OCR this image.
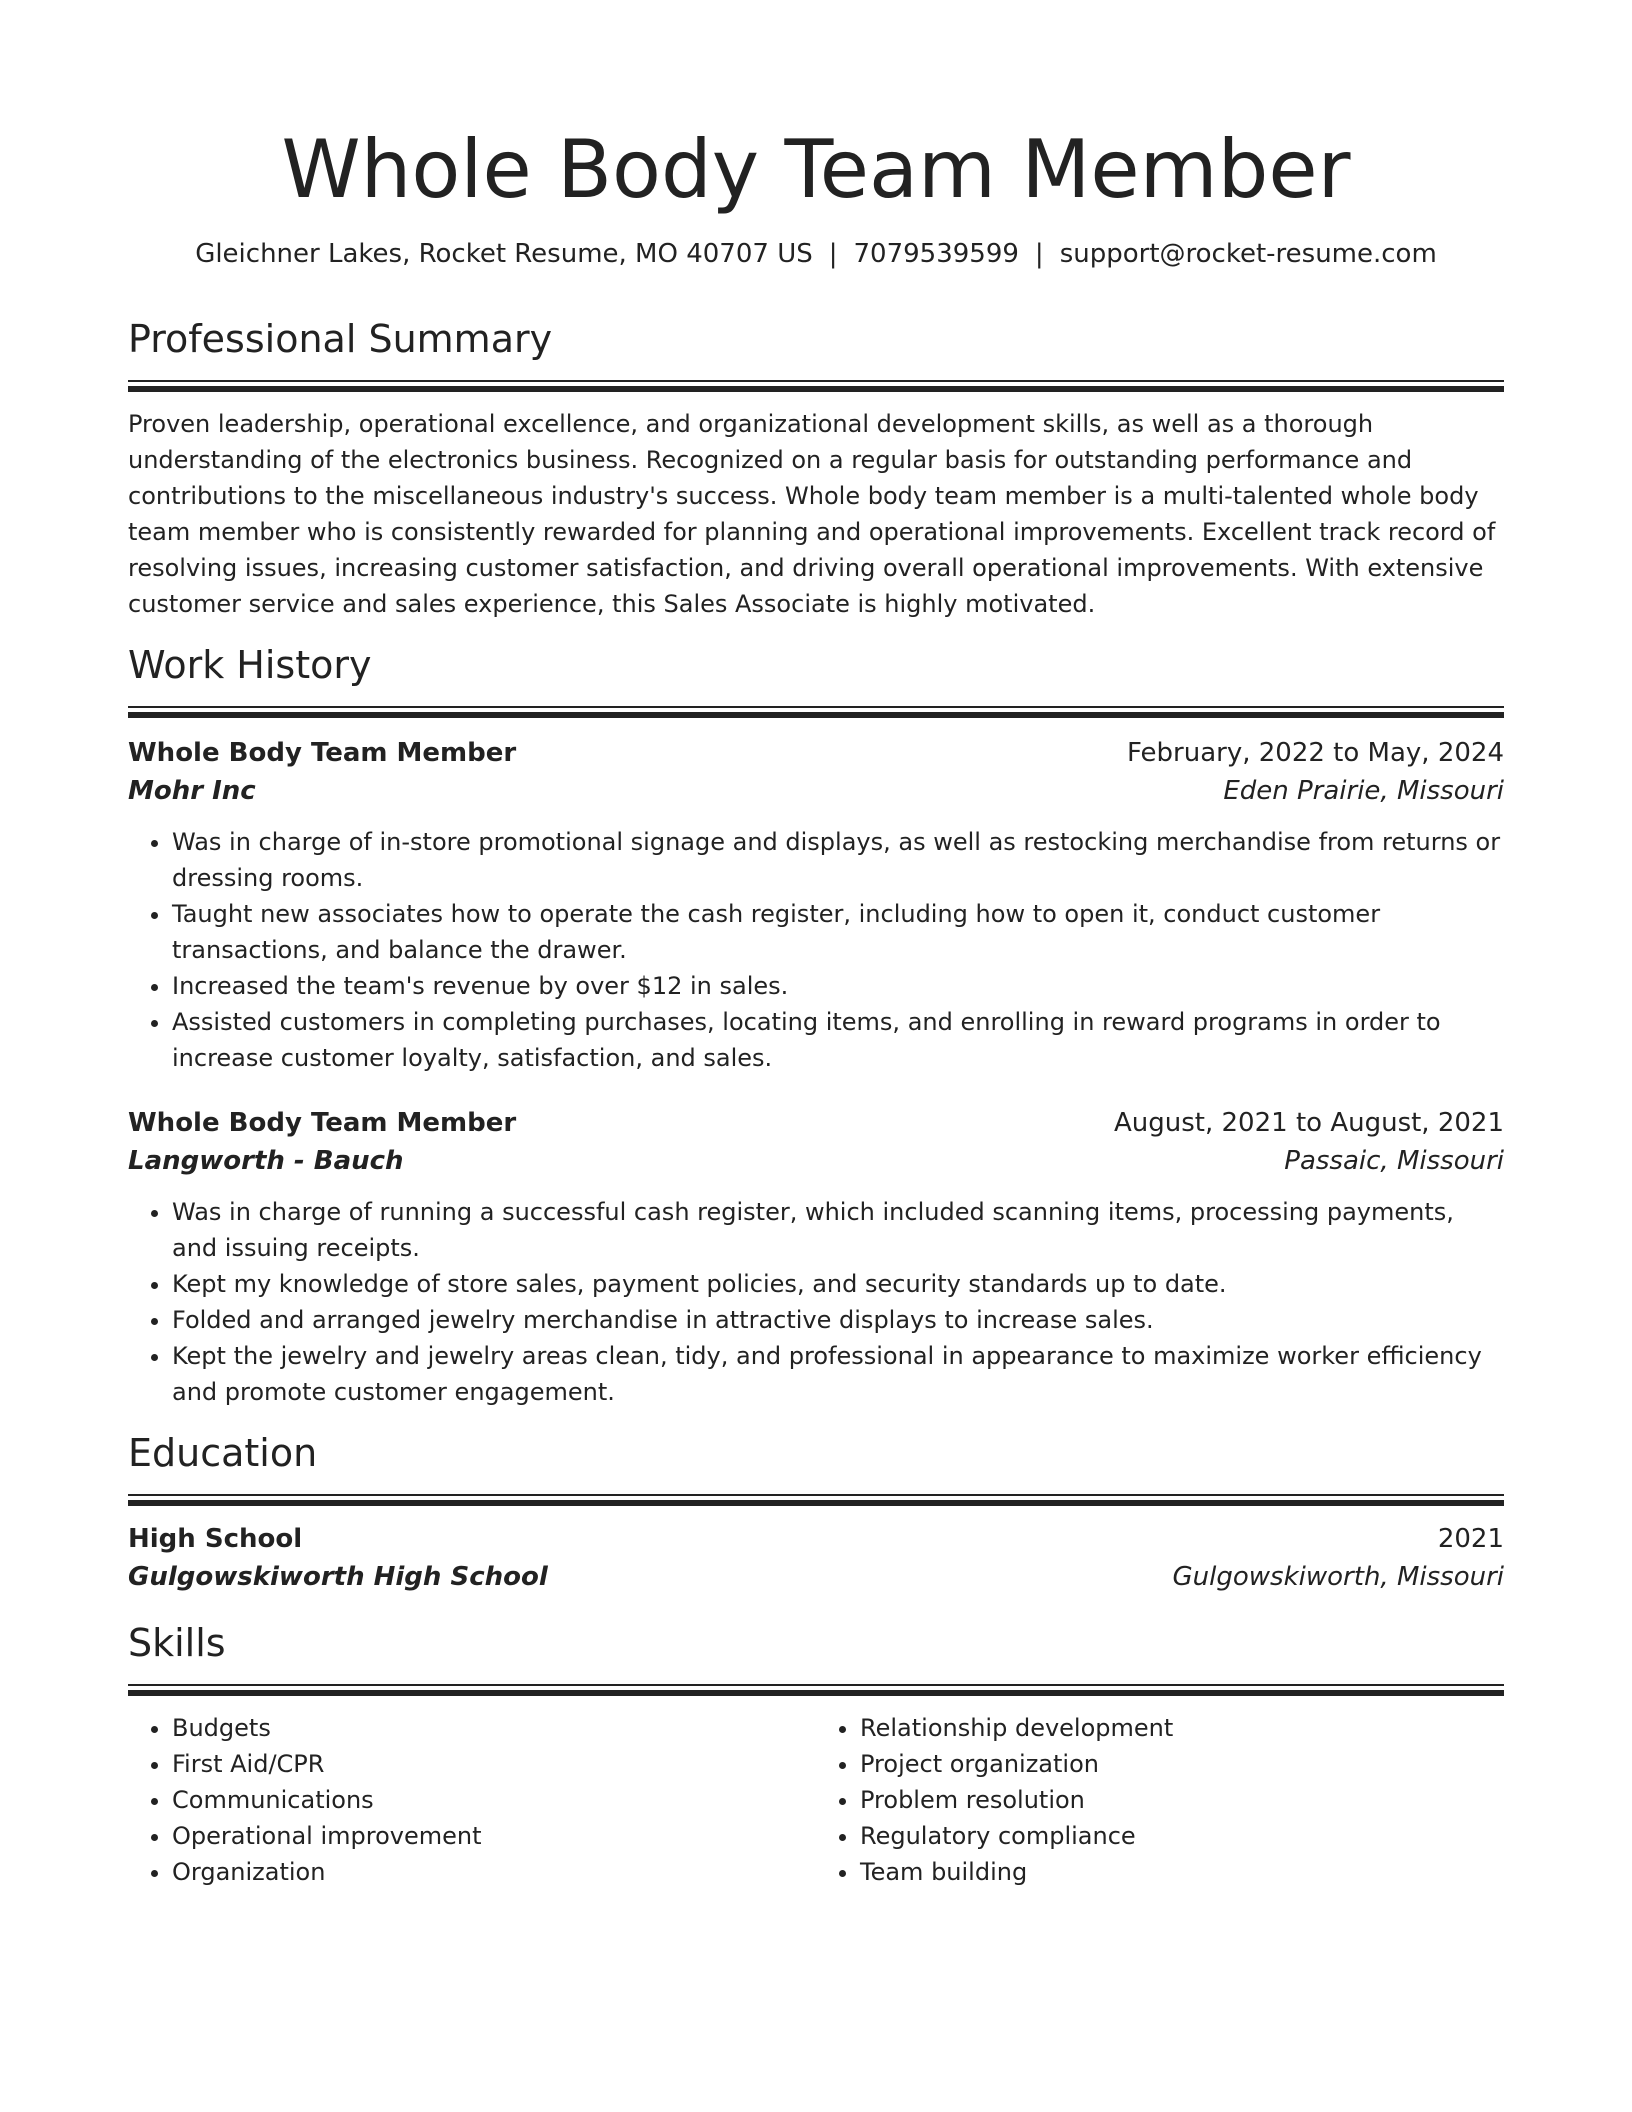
Whole Body Team Member
Gleichner Lakes, Rocket Resume, MO 40707 US | 7079539599 | support@rocket-resume.com
Professional Summary
Proven leadership, operational excellence, and organizational development skills, as well as a thorough understanding of the electronics business. Recognized on a regular basis for outstanding performance and contributions to the miscellaneous industry's success. Whole body team member is a multi-talented whole body team member who is consistently rewarded for planning and operational improvements. Excellent track record of resolving issues, increasing customer satisfaction, and driving overall operational improvements. With extensive customer service and sales experience, this Sales Associate is highly motivated.
Work History
Whole Body Team Member	February, 2022 to May, 2024
Mohr Inc	Eden Prairie, Missouri
• Was in charge of in-store promotional signage and displays, as well as restocking merchandise from returns or dressing rooms.
• Taught new associates how to operate the cash register, including how to open it, conduct customer transactions, and balance the drawer.
• Increased the team's revenue by over $12 in sales.
• Assisted customers in completing purchases, locating items, and enrolling in reward programs in order to increase customer loyalty, satisfaction, and sales.
Whole Body Team Member	August, 2021 to August, 2021
Langworth - Bauch	Passaic, Missouri
• Was in charge of running a successful cash register, which included scanning items, processing payments, and issuing receipts.
• Kept my knowledge of store sales, payment policies, and security standards up to date.
• Folded and arranged jewelry merchandise in attractive displays to increase sales.
• Kept the jewelry and jewelry areas clean, tidy, and professional in appearance to maximize worker efficiency and promote customer engagement.
Education
High School	2021
Gulgowskiworth High School	Gulgowskiworth, Missouri
Skills
• Budgets
• First Aid/CPR
• Communications
• Operational improvement
• Organization
• Relationship development
• Project organization
• Problem resolution
• Regulatory compliance
• Team building
